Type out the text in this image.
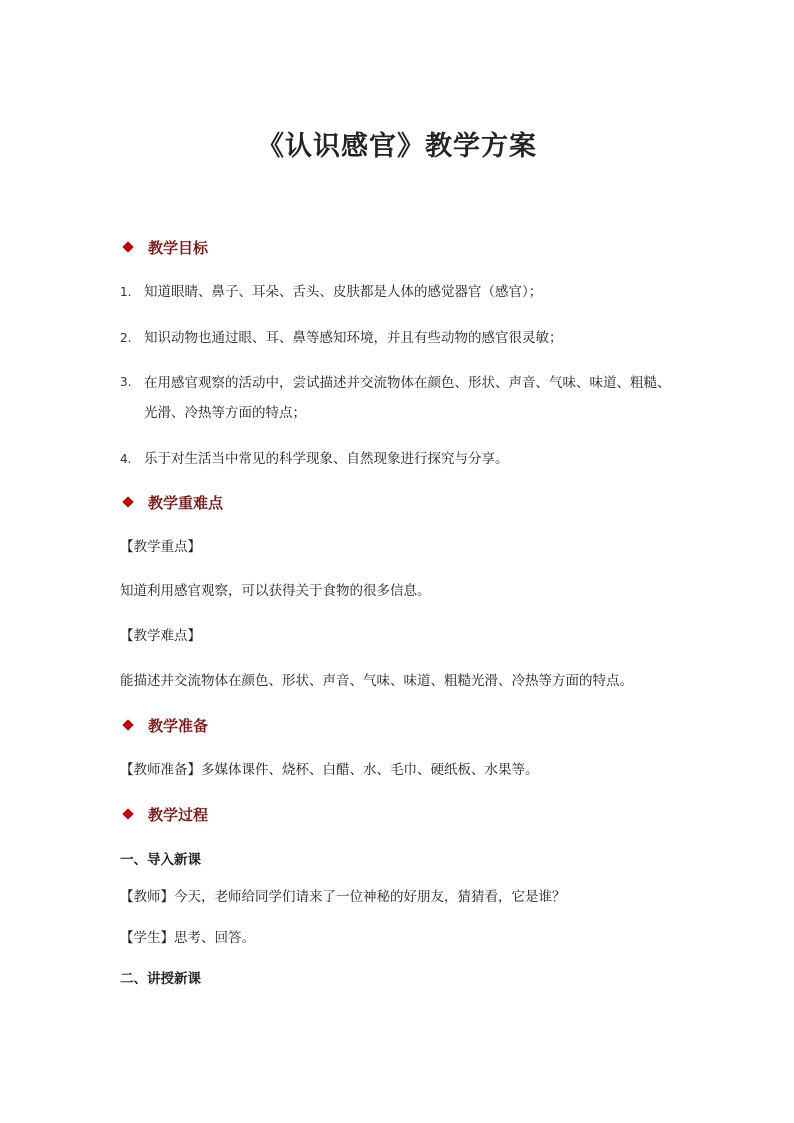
《认识感官》教学方案
教学目标
1. 知道眼睛、鼻子、耳朵、舌头、皮肤都是人体的感觉器官（感官）；
2. 知识动物也通过眼、耳、鼻等感知环境，并且有些动物的感官很灵敏；
3. 在用感官观察的活动中，尝试描述并交流物体在颜色、形状、声音、气味、味道、粗糙、光滑、冷热等方面的特点；
4. 乐于对生活当中常见的科学现象、自然现象进行探究与分享。
教学重难点
【教学重点】
知道利用感官观察，可以获得关于食物的很多信息。
【教学难点】
能描述并交流物体在颜色、形状、声音、气味、味道、粗糙光滑、冷热等方面的特点。
教学准备
【教师准备】多媒体课件、烧杯、白醋、水、毛巾、硬纸板、水果等。
教学过程
一、导入新课
【教师】今天，老师给同学们请来了一位神秘的好朋友，猜猜看，它是谁？
【学生】思考、回答。
二、讲授新课
